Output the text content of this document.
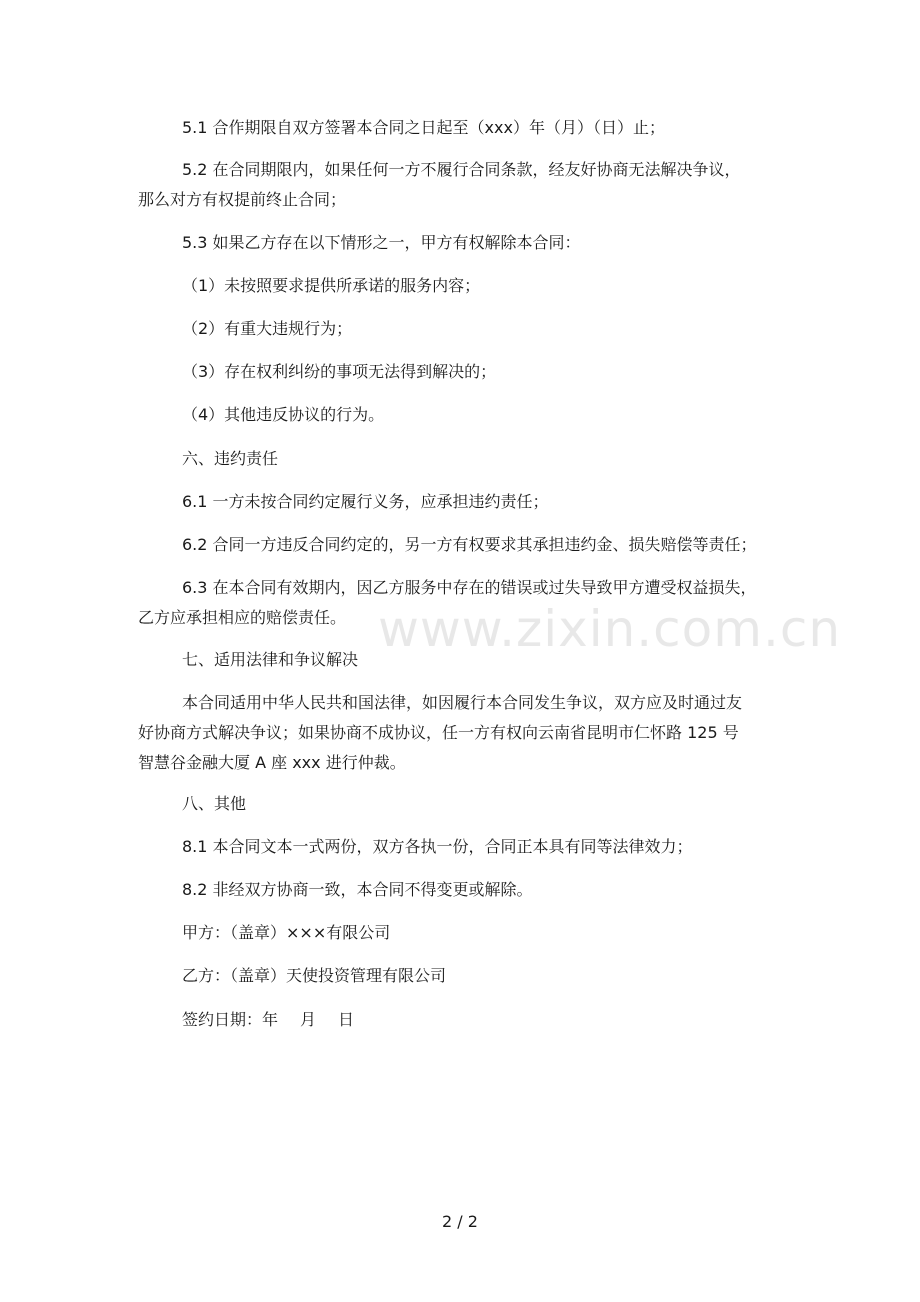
5.1 合作期限自双方签署本合同之日起至（xxx）年（月）（日）止；
5.2 在合同期限内，如果任何一方不履行合同条款，经友好协商无法解决争议，
那么对方有权提前终止合同；
5.3 如果乙方存在以下情形之一，甲方有权解除本合同：
（1）未按照要求提供所承诺的服务内容；
（2）有重大违规行为；
（3）存在权利纠纷的事项无法得到解决的；
（4）其他违反协议的行为。
六、违约责任
6.1 一方未按合同约定履行义务，应承担违约责任；
6.2 合同一方违反合同约定的，另一方有权要求其承担违约金、损失赔偿等责任；
6.3 在本合同有效期内，因乙方服务中存在的错误或过失导致甲方遭受权益损失，
乙方应承担相应的赔偿责任。
七、适用法律和争议解决
本合同适用中华人民共和国法律，如因履行本合同发生争议，双方应及时通过友
好协商方式解决争议；如果协商不成协议，任一方有权向云南省昆明市仁怀路 125 号
智慧谷金融大厦 A 座 xxx 进行仲裁。
八、其他
8.1 本合同文本一式两份，双方各执一份，合同正本具有同等法律效力；
8.2 非经双方协商一致，本合同不得变更或解除。
甲方：（盖章）×××有限公司
乙方：（盖章）天使投资管理有限公司
签约日期：年 月 日
www.zixin.com.cn
2 / 2
